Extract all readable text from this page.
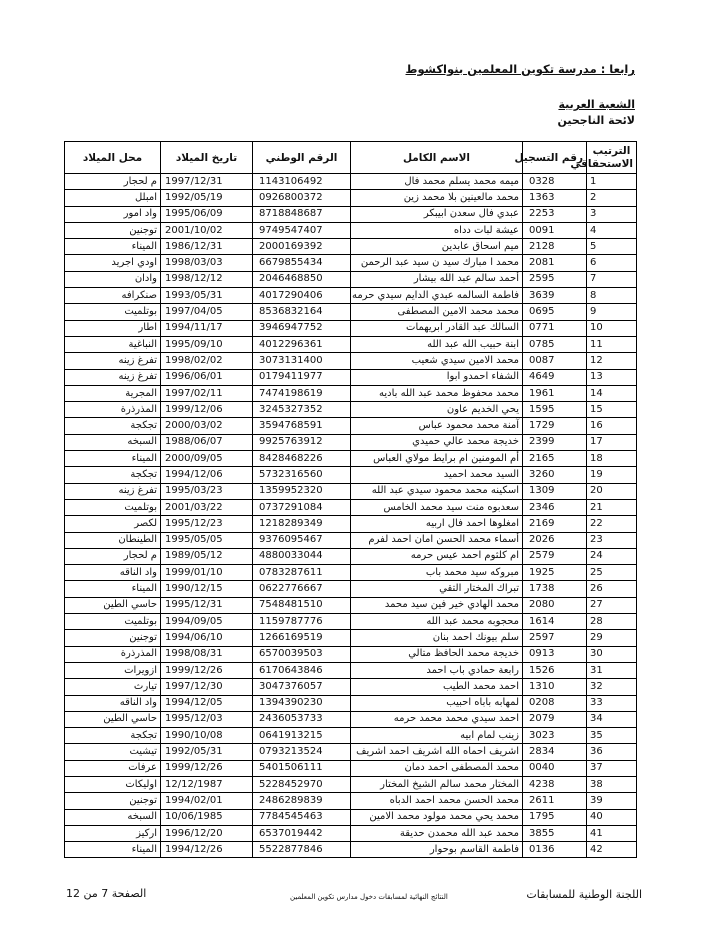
رابعا : مدرسة تكوين المعلمين بنواكشوط
الشعبة العربية
لائحة الناجحين
الترتيب الاستحقاقي	رقم التسجيل	الاسم الكامل	الرقم الوطني	تاريخ الميلاد	محل الميلاد
1	0328	ميمه محمد يسلم محمد فال	1143106492	1997/12/31	م لحجار
2	1363	محمد مالعينين بلا محمد زين	0926800372	1992/05/19	امبلل
3	2253	عبدي فال سعدن ابيبكر	8718848687	1995/06/09	واد امور
4	0091	عيشة لبات دداه	9749547407	2001/10/02	توجنين
5	2128	ميم اسحاق عابدين	2000169392	1986/12/31	الميناء
6	2081	محمد ا مبارك سيد ن سيد عبد الرحمن	6679855434	1998/03/03	اودي اجريد
7	2595	أحمد سالم عبد الله بيشار	2046468850	1998/12/12	وادان
8	3639	فاطمة السالمه عبدي الدايم سيدي حرمه	4017290406	1993/05/31	صنكرافه
9	0695	محمد محمد الامين المصطفى	8536832164	1997/04/05	بوتلميت
10	0771	السالك عبد القادر ابريهمات	3946947752	1994/11/17	اطار
11	0785	ابنة حبيب الله عبد الله	4012296361	1995/09/10	النباغية
12	0087	محمد الامين سيدي شعيب	3073131400	1998/02/02	تفرغ زينه
13	4649	الشفاء احمدو ابوا	0179411977	1996/06/01	تفرغ زينه
14	1961	محمد محفوظ محمد عبد الله باديه	7474198619	1997/02/11	المجرية
15	1595	يحي الخديم عاون	3245327352	1999/12/06	المذرذرة
16	1729	آمنة محمد محمود عباس	3594768591	2000/03/02	تجكجة
17	2399	خديجة محمد عالي حميدي	9925763912	1988/06/07	السبخه
18	2165	أم المومنين ام برايط مولاي العباس	8428468226	2000/09/05	الميناء
19	3260	السيد محمد احميد	5732316560	1994/12/06	تجكجة
20	1309	اسكينه محمد محمود سيدي عبد الله	1359952320	1995/03/23	تفرغ زينه
21	2346	سعدبوه منت سيد محمد الخامس	0737291084	2001/03/22	بوتلميت
22	2169	امغلوها احمد فال اربيه	1218289349	1995/12/23	لكصر
23	2026	أسماء محمد الحسن امان احمد لفرم	9376095467	1995/05/05	الطينطان
24	2579	ام كلثوم احمد عيس حرمه	4880033044	1989/05/12	م لحجار
25	1925	مبروكه سيد محمد باب	0783287611	1999/01/10	واد الناقه
26	1738	تبراك المختار التقي	0622776667	1990/12/15	الميناء
27	2080	محمد الهادي خير فين سيد محمد	7548481510	1995/12/31	حاسي الطين
28	1614	محجوبه محمد عبد الله	1159787776	1994/09/05	بوتلميت
29	2597	سلم بيونك احمد بنان	1266169519	1994/06/10	توجنين
30	0913	خديجة محمد الحافظ متالي	6570039503	1998/08/31	المذرذرة
31	1526	رابعة حمادي باب احمد	6170643846	1999/12/26	ازويرات
32	1310	احمد محمد الطيب	3047376057	1997/12/30	تيارث
33	0208	لمهابه باباه احبيب	1394390230	1994/12/05	واد الناقه
34	2079	احمد سيدي محمد محمد حرمه	2436053733	1995/12/03	حاسي الطين
35	3023	زينب لمام ابيه	0641913215	1990/10/08	تجكجة
36	2834	اشريف احماه الله اشريف احمد اشريف	0793213524	1992/05/31	تيشيت
37	0040	محمد المصطفى احمد دمان	5401506111	1999/12/26	عرفات
38	4238	المختار محمد سالم الشيخ المختار	5228452970	12/12/1987	اوليكات
39	2611	محمد الحسن محمد احمد الدباه	2486289839	1994/02/01	توجنين
40	1795	محمد يحي محمد مولود محمد الامين	7784545463	10/06/1985	السبخه
41	3855	محمد عبد الله محمدن حديقة	6537019442	1996/12/20	اركيز
42	0136	فاطمة القاسم بوحوار	5522877846	1994/12/26	الميناء
اللجنة الوطنية للمسابقات
النتائج النهائية لمسابقات دخول مدارس تكوين المعلمين
الصفحة 7 من 12
